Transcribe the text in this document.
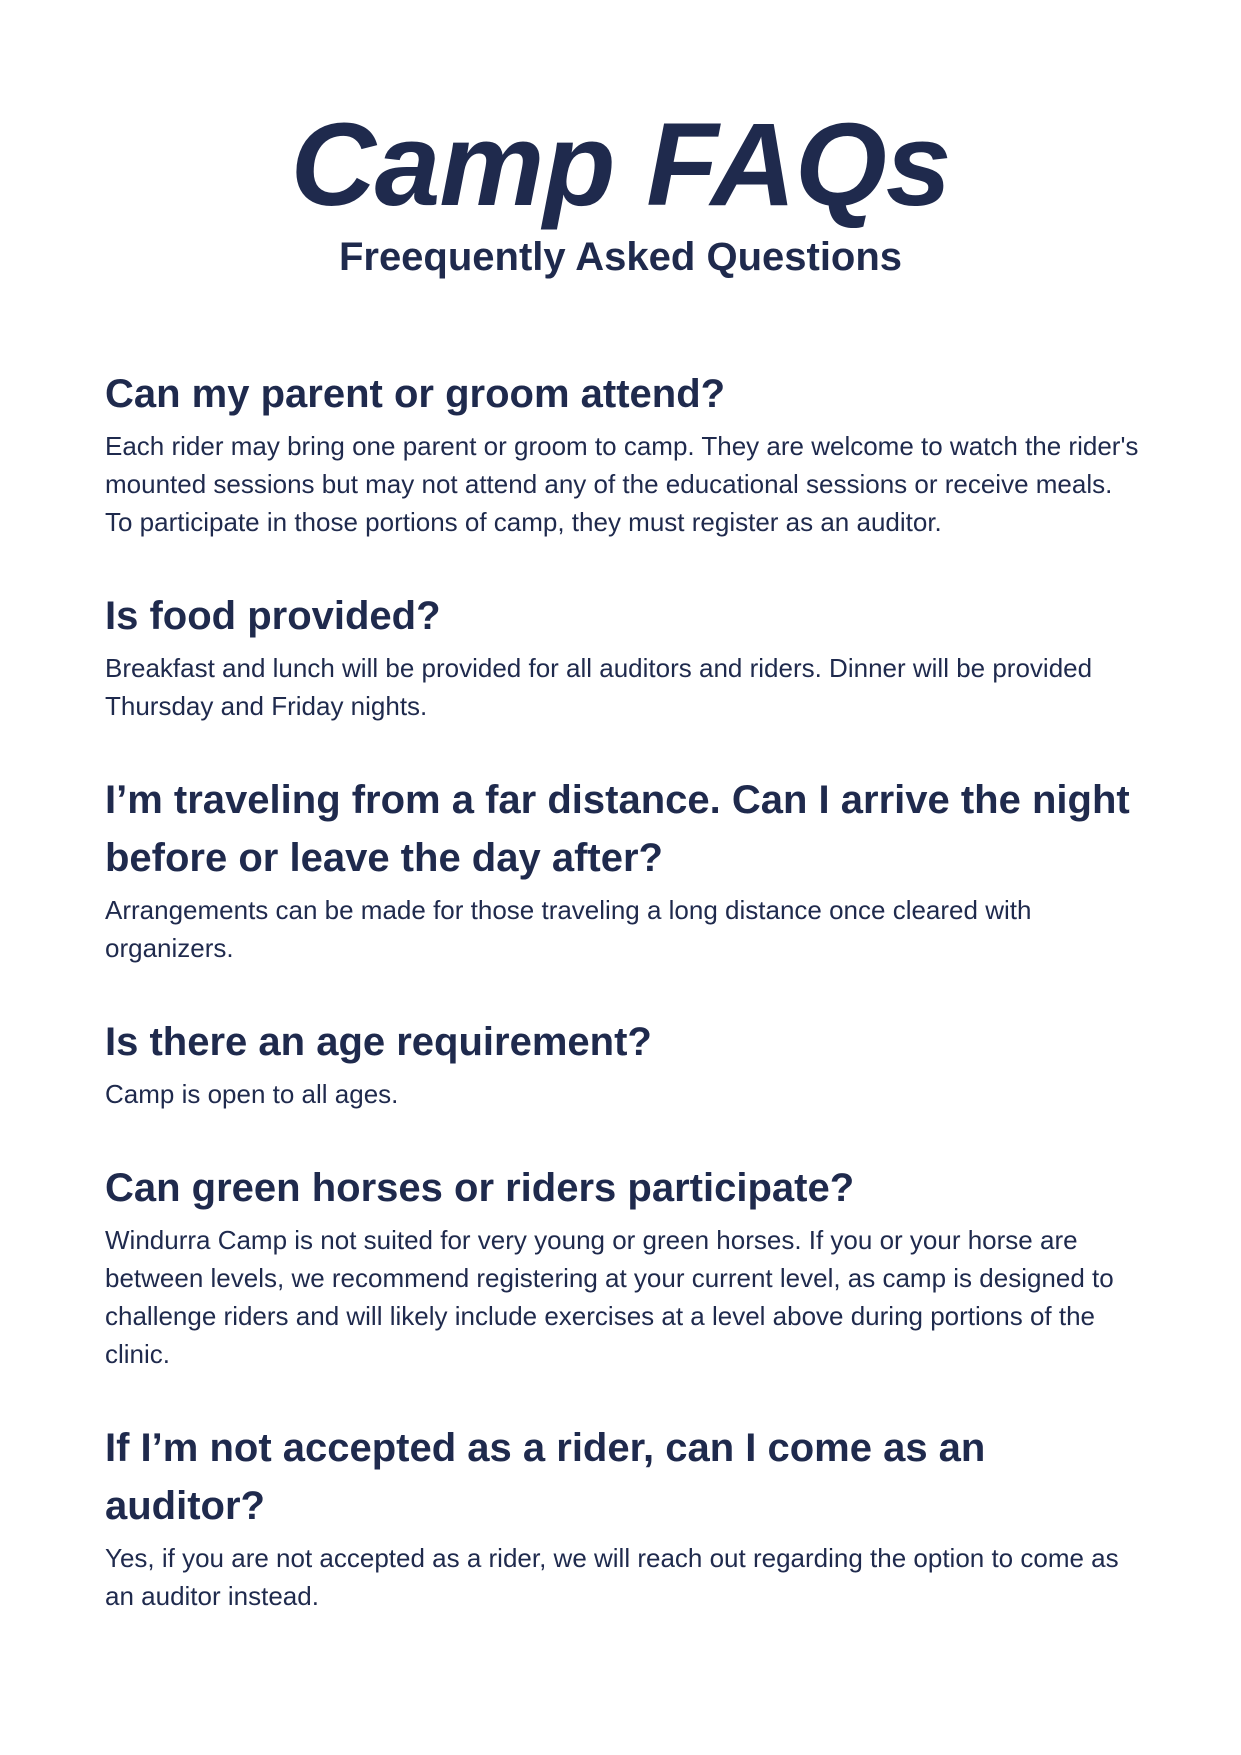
Camp FAQs
Freequently Asked Questions
Can my parent or groom attend?

Each rider may bring one parent or groom to camp. They are welcome to watch the rider's mounted sessions but may not attend any of the educational sessions or receive meals. To participate in those portions of camp, they must register as an auditor.

Is food provided?

Breakfast and lunch will be provided for all auditors and riders. Dinner will be provided Thursday and Friday nights.

I’m traveling from a far distance. Can I arrive the night before or leave the day after?

Arrangements can be made for those traveling a long distance once cleared with organizers.

Is there an age requirement?

Camp is open to all ages.

Can green horses or riders participate?

Windurra Camp is not suited for very young or green horses. If you or your horse are between levels, we recommend registering at your current level, as camp is designed to challenge riders and will likely include exercises at a level above during portions of the clinic.

If I’m not accepted as a rider, can I come as an auditor?

Yes, if you are not accepted as a rider, we will reach out regarding the option to come as an auditor instead.
